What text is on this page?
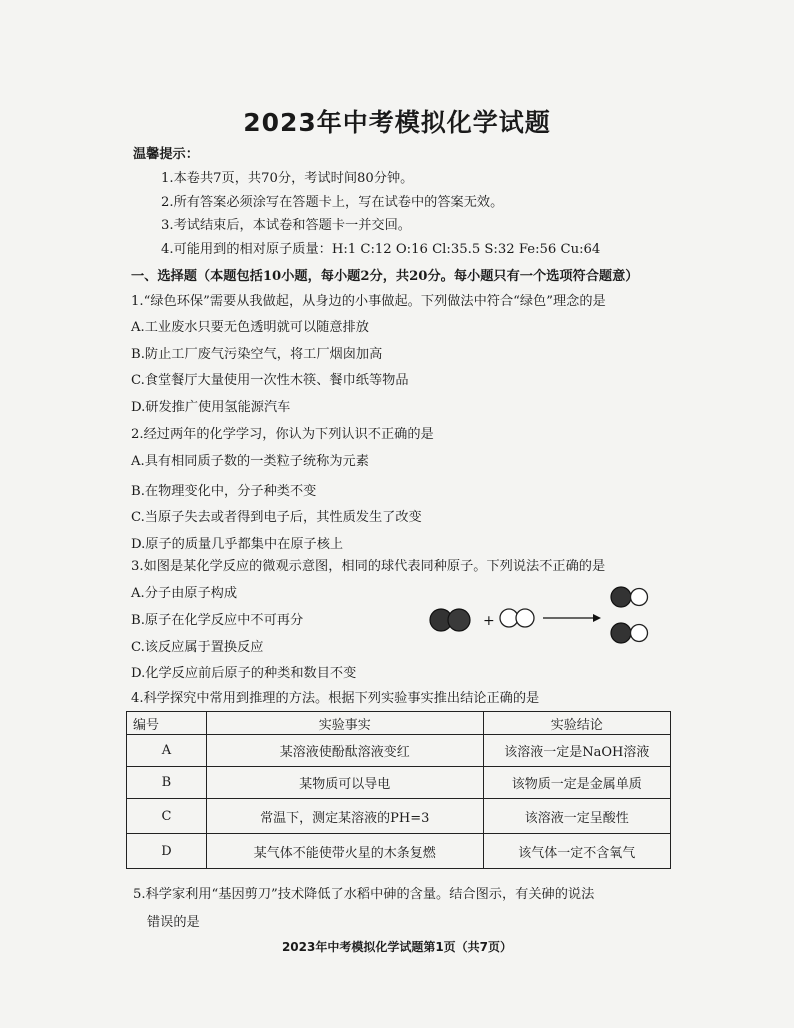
2023年中考模拟化学试题
温馨提示：
1.本卷共7页，共70分，考试时间80分钟。
2.所有答案必须涂写在答题卡上，写在试卷中的答案无效。
3.考试结束后，本试卷和答题卡一并交回。
4.可能用到的相对原子质量：H:1 C:12 O:16 Cl:35.5 S:32 Fe:56 Cu:64
一、选择题（本题包括10小题，每小题2分，共20分。每小题只有一个选项符合题意）
1.“绿色环保”需要从我做起，从身边的小事做起。下列做法中符合“绿色”理念的是
A.工业废水只要无色透明就可以随意排放
B.防止工厂废气污染空气，将工厂烟囱加高
C.食堂餐厅大量使用一次性木筷、餐巾纸等物品
D.研发推广使用氢能源汽车
2.经过两年的化学学习，你认为下列认识不正确的是
A.具有相同质子数的一类粒子统称为元素
B.在物理变化中，分子种类不变
C.当原子失去或者得到电子后，其性质发生了改变
D.原子的质量几乎都集中在原子核上
3.如图是某化学反应的微观示意图，相同的球代表同种原子。下列说法不正确的是
A.分子由原子构成
B.原子在化学反应中不可再分
C.该反应属于置换反应
D.化学反应前后原子的种类和数目不变
+
4.科学探究中常用到推理的方法。根据下列实验事实推出结论正确的是
编号	实验事实	实验结论
A	某溶液使酚酞溶液变红	该溶液一定是NaOH溶液
B	某物质可以导电	该物质一定是金属单质
C	常温下，测定某溶液的PH=3	该溶液一定呈酸性
D	某气体不能使带火星的木条复燃	该气体一定不含氧气
5.科学家利用“基因剪刀”技术降低了水稻中砷的含量。结合图示，有关砷的说法
错误的是
2023年中考模拟化学试题第1页（共7页）
